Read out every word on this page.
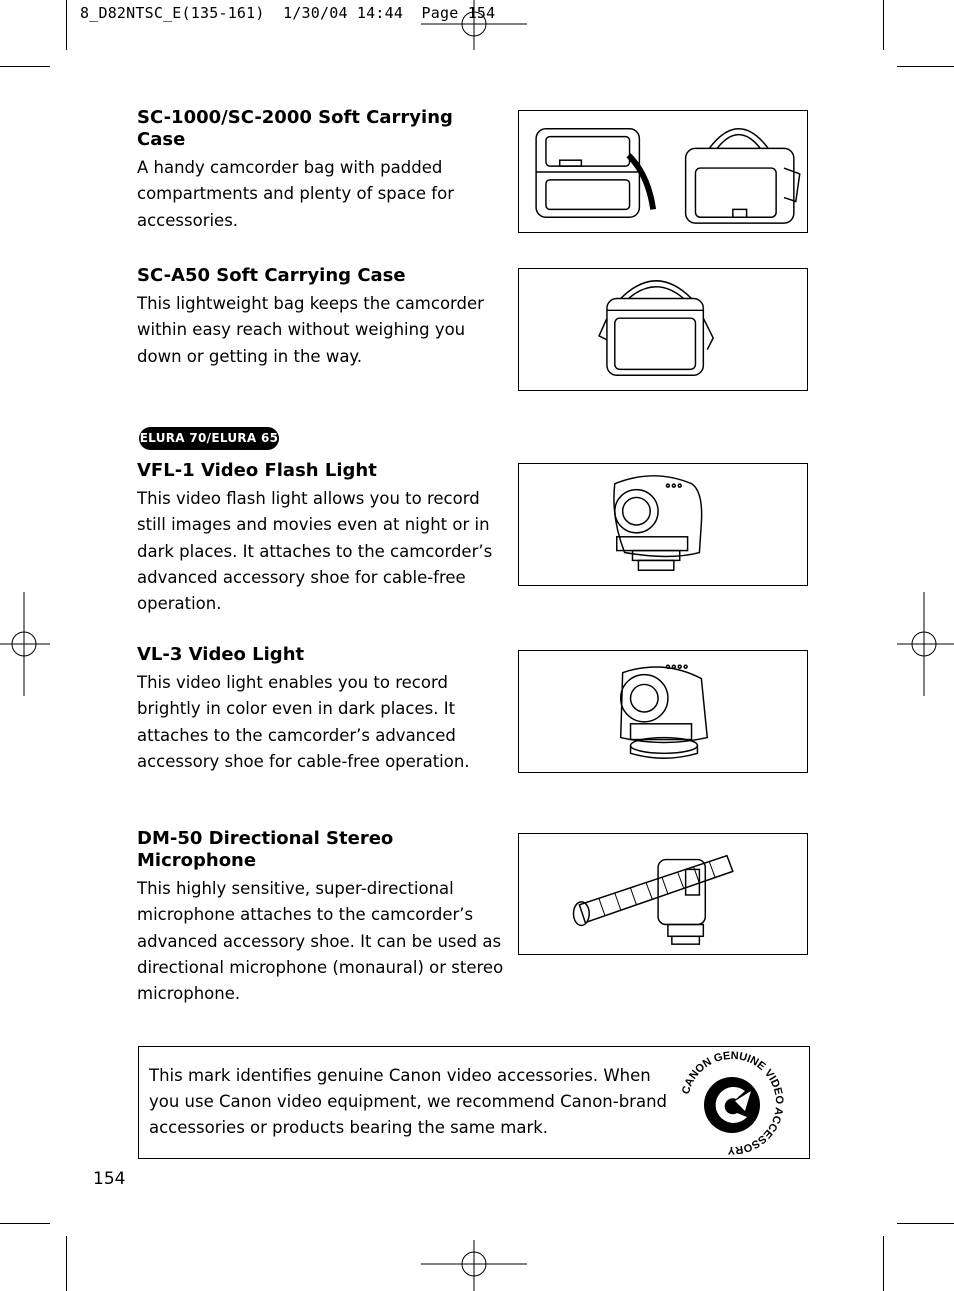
8_D82NTSC_E(135-161)  1/30/04 14:44  Page 154
SC-1000/SC-2000 Soft Carrying Case

A handy camcorder bag with padded compartments and plenty of space for accessories.

SC-A50 Soft Carrying Case

This lightweight bag keeps the camcorder within easy reach without weighing you down or getting in the way.

ELURA 70/ELURA 65
VFL-1 Video Flash Light

This video flash light allows you to record still images and movies even at night or in dark places. It attaches to the camcorder’s advanced accessory shoe for cable-free operation.

VL-3 Video Light

This video light enables you to record brightly in color even in dark places. It attaches to the camcorder’s advanced accessory shoe for cable-free operation.

DM-50 Directional Stereo Microphone

This highly sensitive, super-directional microphone attaches to the camcorder’s advanced accessory shoe. It can be used as directional microphone (monaural) or stereo microphone.

This mark identifies genuine Canon video accessories. When you use Canon video equipment, we recommend Canon-brand accessories or products bearing the same mark.

CANON GENUINE VIDEO ACCESSORY
154
